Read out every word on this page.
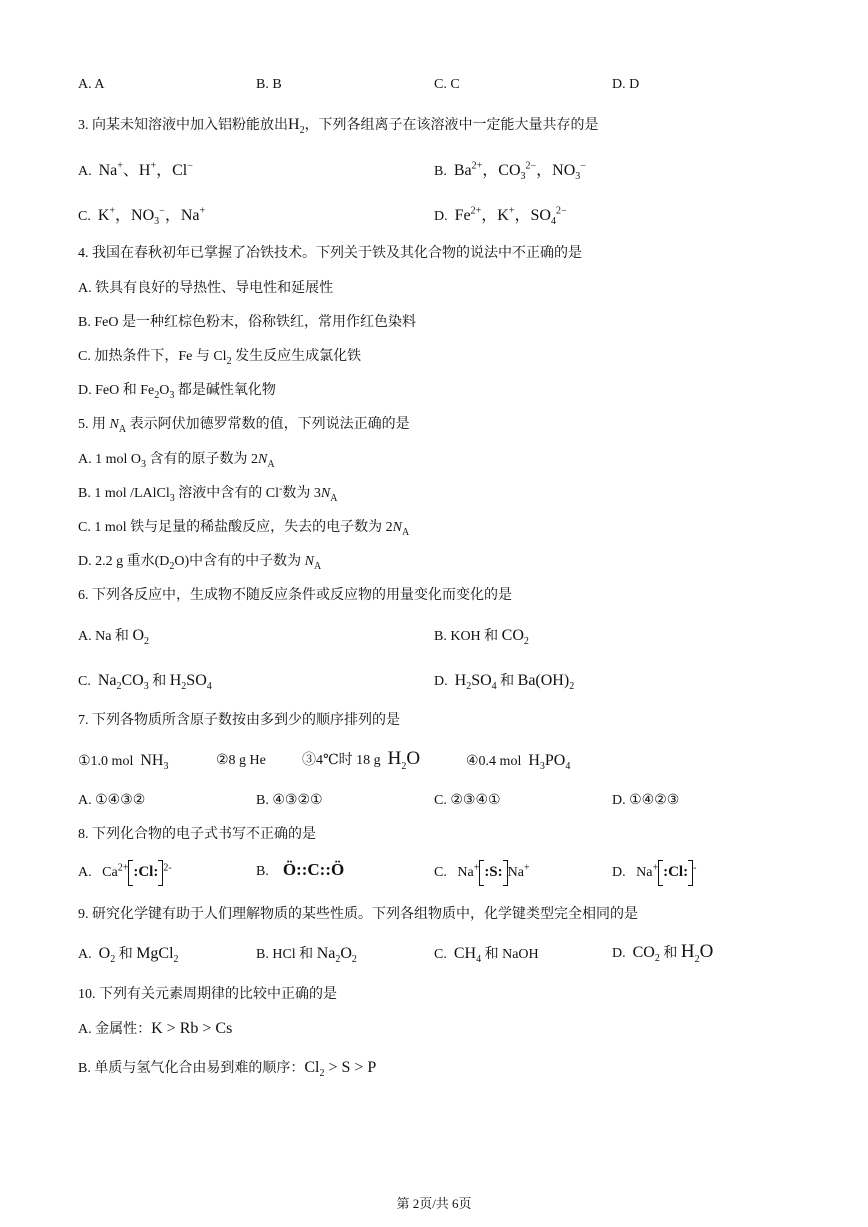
A. A	B. B	C. C	D. D
3. 向某未知溶液中加入铝粉能放出$H_2$，下列各组离子在该溶液中一定能大量共存的是
A. Na+、H+，Cl−	B. $Ba^{2+}$，$CO_3^{2-}$，$NO_3^-$
C. K+，$NO_3^-$，Na+	D. $Fe^{2+}$，K+，$SO_4^{2-}$
4. 我国在春秋初年已掌握了冶铁技术。下列关于铁及其化合物的说法中不正确的是
A. 铁具有良好的导热性、导电性和延展性
B. FeO 是一种红棕色粉末，俗称铁红，常用作红色染料
C. 加热条件下，Fe 与 $Cl_2$ 发生反应生成氯化铁
D. FeO 和 $Fe_2O_3$ 都是碱性氧化物
5. 用 $N_A$ 表示阿伏加德罗常数的值，下列说法正确的是
A. 1 mol $O_3$ 含有的原子数为 $2N_A$
B. 1 mol /LAlCl$_3$ 溶液中含有的 Cl-数为 $3N_A$
C. 1 mol 铁与足量的稀盐酸反应，失去的电子数为 $2N_A$
D. 2.2 g 重水$(D_2O)$中含有的中子数为 $N_A$
6. 下列各反应中，生成物不随反应条件或反应物的用量变化而变化的是
A. Na 和 $O_2$	B. KOH 和 $CO_2$
C. $Na_2CO_3$ 和 $H_2SO_4$	D. $H_2SO_4$ 和 $Ba(OH)_2$
7. 下列各物质所含原子数按由多到少的顺序排列的是
①1.0 mol $NH_3$	②8 g He	③4℃时 18 g $H_2O$	④0.4 mol $H_3PO_4$
A. ①④③②	B. ④③②①	C. ②③④①	D. ①④②③
8. 下列化合物的电子式书写不正确的是
A.   $Ca^{2+}$ :Cl: $^{2-}$	B. Ö::C::Ö	C.   Na+ :S: Na+	D.   Na+ :Cl: -
9. 研究化学键有助于人们理解物质的某些性质。下列各组物质中，化学键类型完全相同的是
A. $O_2$ 和 MgCl$_2$	B. HCl 和 $Na_2O_2$	C. $CH_4$ 和 NaOH	D. $CO_2$ 和 $H_2O$
10. 下列有关元素周期律的比较中正确的是
A. 金属性：K > Rb > Cs
B. 单质与氢气化合由易到难的顺序：$Cl_2 > S > P$
第 2页/共 6页
